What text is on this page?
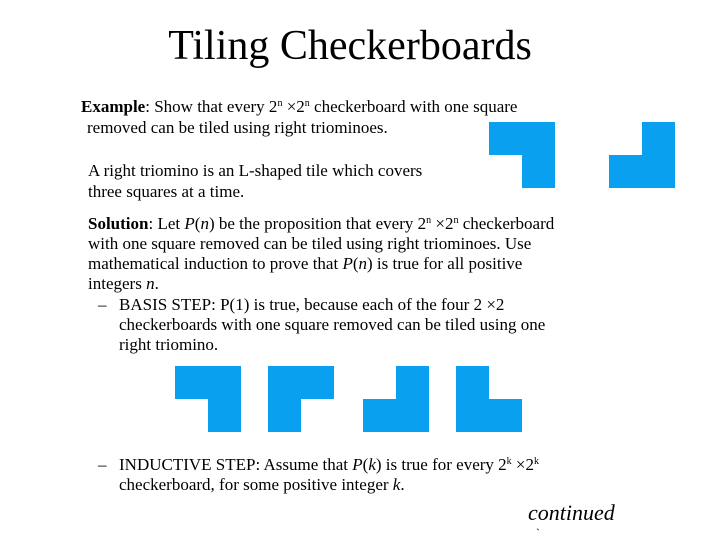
Tiling Checkerboards
Example: Show that every $2^n \times 2^n$ checkerboard with one square
removed can be tiled using right triominoes.
A right triomino is an L-shaped tile which covers
three squares at a time.
Solution: Let P(n) be the proposition that every $2^n \times 2^n$ checkerboard
with one square removed can be tiled using right triominoes. Use
mathematical induction to prove that P(n) is true for all positive
integers n.
– BASIS STEP: P(1) is true, because each of the four 2 ×2
checkerboards with one square removed can be tiled using one
right triomino.
– INDUCTIVE STEP: Assume that P(k) is true for every $2^k \times 2^k$
checkerboard, for some positive integer k.
continued
`
